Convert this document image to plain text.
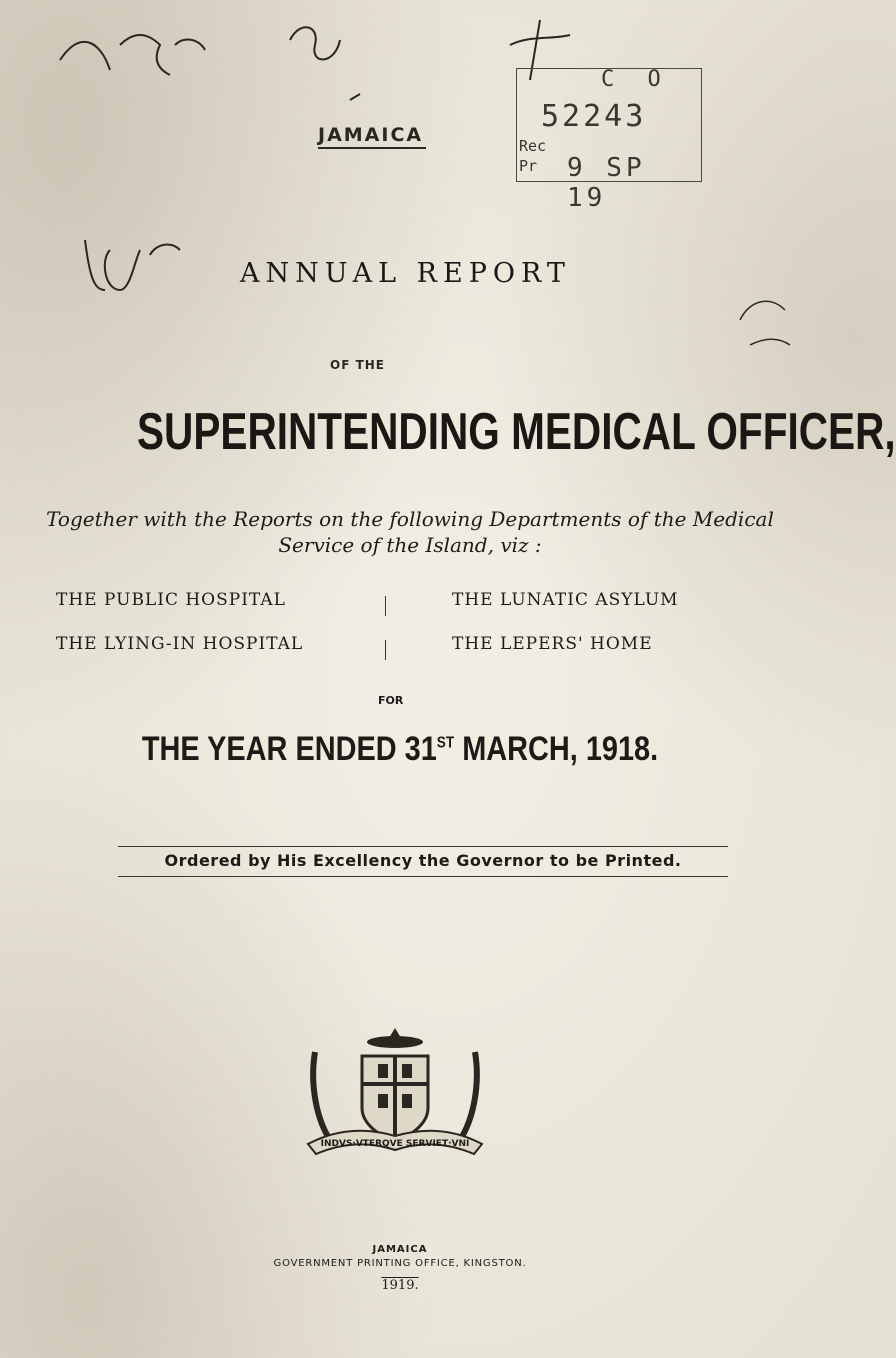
JAMAICA
C O
52243
Rec
Pr 9 SP 19
ANNUAL REPORT
OF THE
SUPERINTENDING MEDICAL OFFICER,
Together with the Reports on the following Departments of the Medical Service of the Island, viz :
THE PUBLIC HOSPITAL
THE LYING-IN HOSPITAL
THE LUNATIC ASYLUM
THE LEPERS' HOME
FOR
THE YEAR ENDED 31ST MARCH, 1918.
Ordered by His Excellency the Governor to be Printed.
INDVS·VTERQVE SERVIET·VNI
JAMAICA
GOVERNMENT PRINTING OFFICE, KINGSTON.
1919.
